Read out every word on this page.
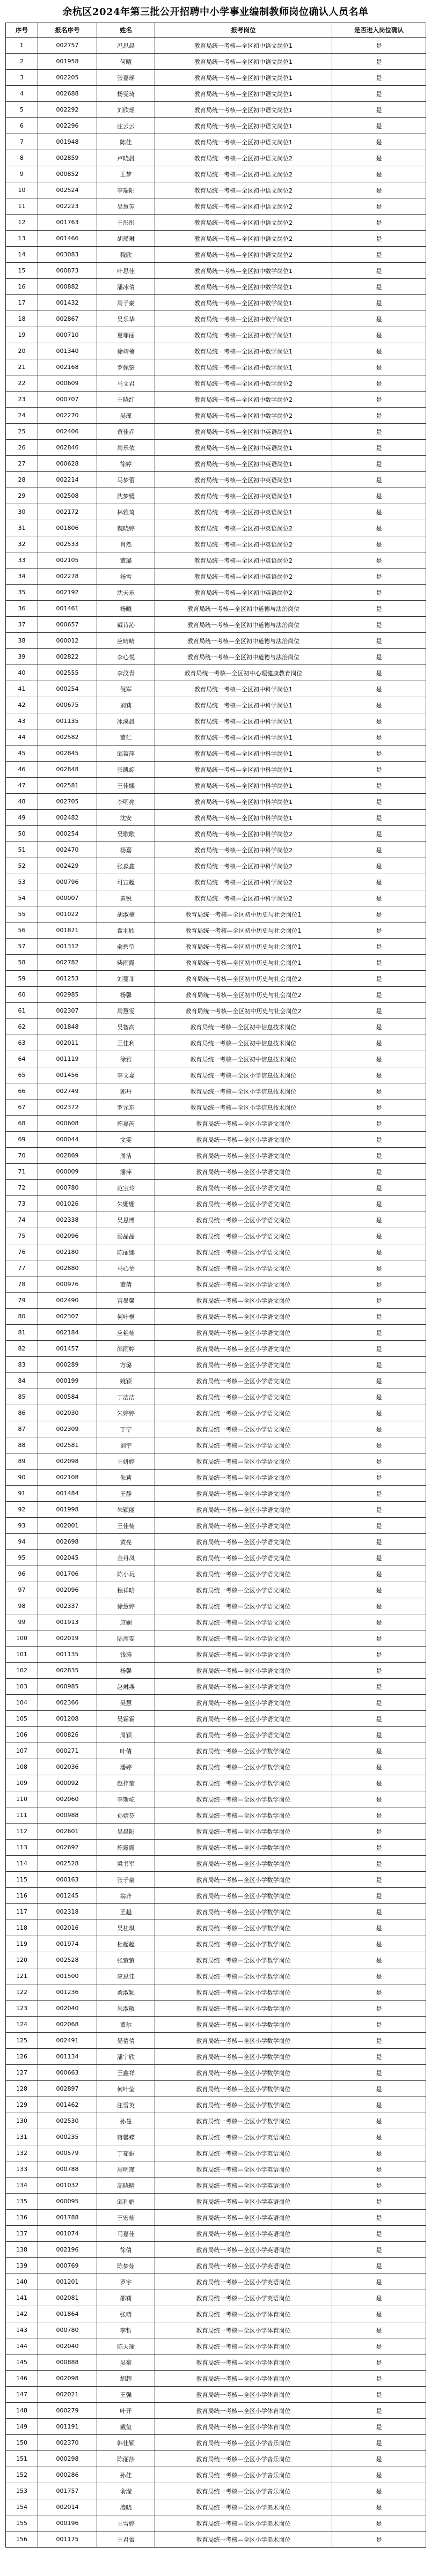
余杭区2024年第三批公开招聘中小学事业编制教师岗位确认人员名单
序号	报名序号	姓名	报考岗位	是否进入岗位确认
1	002757	冯思晨	教育局统一考核—全区初中语文岗位1	是
2	001958	何晴	教育局统一考核—全区初中语文岗位1	是
3	002205	张嘉瑶	教育局统一考核—全区初中语文岗位1	是
4	002688	杨雯琦	教育局统一考核—全区初中语文岗位1	是
5	002292	刘欣瑶	教育局统一考核—全区初中语文岗位1	是
6	002296	庄云云	教育局统一考核—全区初中语文岗位1	是
7	001948	陈佳	教育局统一考核—全区初中语文岗位1	是
8	002859	卢晓晨	教育局统一考核—全区初中语文岗位2	是
9	000852	王梦	教育局统一考核—全区初中语文岗位2	是
10	002524	李瑞阳	教育局统一考核—全区初中语文岗位2	是
11	002223	吴慧芳	教育局统一考核—全区初中语文岗位2	是
12	001763	王彤彤	教育局统一考核—全区初中语文岗位2	是
13	001466	胡瑾琳	教育局统一考核—全区初中语文岗位2	是
14	003083	魏欣	教育局统一考核—全区初中语文岗位2	是
15	000873	叶思佳	教育局统一考核—全区初中数学岗位1	是
16	000882	潘冰倩	教育局统一考核—全区初中数学岗位1	是
17	001432	周子豪	教育局统一考核—全区初中数学岗位1	是
18	002867	吴乐华	教育局统一考核—全区初中数学岗位1	是
19	000710	夏菲丽	教育局统一考核—全区初中数学岗位1	是
20	001340	徐靖楠	教育局统一考核—全区初中数学岗位1	是
21	002168	罗佩蓥	教育局统一考核—全区初中数学岗位1	是
22	000609	马文君	教育局统一考核—全区初中数学岗位2	是
23	000707	王晓红	教育局统一考核—全区初中数学岗位2	是
24	002270	吴瑾	教育局统一考核—全区初中数学岗位2	是
25	002406	黄佳乔	教育局统一考核—全区初中英语岗位1	是
26	002846	周乐依	教育局统一考核—全区初中英语岗位1	是
27	000628	徐婷	教育局统一考核—全区初中英语岗位1	是
28	002214	马梦蕾	教育局统一考核—全区初中英语岗位1	是
29	002508	沈梦媛	教育局统一考核—全区初中英语岗位1	是
30	002172	林雅琦	教育局统一考核—全区初中英语岗位1	是
31	001806	魏晓婷	教育局统一考核—全区初中英语岗位2	是
32	002533	肖然	教育局统一考核—全区初中英语岗位2	是
33	002105	董璐	教育局统一考核—全区初中英语岗位2	是
34	002278	杨雪	教育局统一考核—全区初中英语岗位2	是
35	002192	沈天乐	教育局统一考核—全区初中英语岗位2	是
36	001461	杨曦	教育局统一考核—全区初中道德与法治岗位	是
37	000657	戴诗沁	教育局统一考核—全区初中道德与法治岗位	是
38	000012	应晴晴	教育局统一考核—全区初中道德与法治岗位	是
39	002822	李心悦	教育局统一考核—全区初中道德与法治岗位	是
40	002555	李汶青	教育局统一考核—全区初中心理健康教育岗位	是
41	000254	倪军	教育局统一考核—全区初中科学岗位1	是
42	000675	刘莉	教育局统一考核—全区初中科学岗位1	是
43	001135	冰溪晨	教育局统一考核—全区初中科学岗位1	是
44	002582	董仁	教育局统一考核—全区初中科学岗位1	是
45	002845	邱蔷萍	教育局统一考核—全区初中科学岗位1	是
46	002848	张凯旋	教育局统一考核—全区初中科学岗位1	是
47	002581	王佳娜	教育局统一考核—全区初中科学岗位1	是
48	002705	李明亮	教育局统一考核—全区初中科学岗位1	是
49	002482	沈安	教育局统一考核—全区初中科学岗位1	是
50	000254	吴歌歌	教育局统一考核—全区初中科学岗位2	是
51	002470	杨嘉	教育局统一考核—全区初中科学岗位2	是
52	002429	张淼鑫	教育局统一考核—全区初中科学岗位2	是
53	000796	可宣超	教育局统一考核—全区初中科学岗位2	是
54	000007	黄锐	教育局统一考核—全区初中科学岗位2	是
55	001022	胡淑楠	教育局统一考核—全区初中历史与社会岗位1	是
56	001871	翟羽欣	教育局统一考核—全区初中历史与社会岗位1	是
57	001312	俞碧莹	教育局统一考核—全区初中历史与社会岗位1	是
58	002782	柴雨露	教育局统一考核—全区初中历史与社会岗位1	是
59	001253	刘蔓菲	教育局统一考核—全区初中历史与社会岗位2	是
60	002985	杨馨	教育局统一考核—全区初中历史与社会岗位2	是
61	002307	周慧雯	教育局统一考核—全区初中历史与社会岗位2	是
62	001848	吴智高	教育局统一考核—全区初中信息技术岗位	是
63	002011	王佳利	教育局统一考核—全区初中信息技术岗位	是
64	001119	徐雅	教育局统一考核—全区初中信息技术岗位	是
65	001456	李文嘉	教育局统一考核—全区小学信息技术岗位	是
66	002749	郭丹	教育局统一考核—全区小学信息技术岗位	是
67	002372	罗元东	教育局统一考核—全区小学信息技术岗位	是
68	000608	施嘉芮	教育局统一考核—全区小学语文岗位	是
69	000044	文雯	教育局统一考核—全区小学语文岗位	是
70	002869	周洁	教育局统一考核—全区小学语文岗位	是
71	000009	潘萍	教育局统一考核—全区小学语文岗位	是
72	000780	范宝玲	教育局统一考核—全区小学语文岗位	是
73	001026	朱姗姗	教育局统一考核—全区小学语文岗位	是
74	002338	吴思博	教育局统一考核—全区小学语文岗位	是
75	002096	汤晶晶	教育局统一考核—全区小学语文岗位	是
76	002180	陈丽娜	教育局统一考核—全区小学语文岗位	是
77	002880	马心怡	教育局统一考核—全区小学语文岗位	是
78	000976	董倩	教育局统一考核—全区小学语文岗位	是
79	002490	宫墨馨	教育局统一考核—全区小学语文岗位	是
80	002307	何叶桐	教育局统一考核—全区小学语文岗位	是
81	002184	应艳楠	教育局统一考核—全区小学语文岗位	是
82	001457	邵雨婷	教育局统一考核—全区小学语文岗位	是
83	000289	方璐	教育局统一考核—全区小学语文岗位	是
84	000199	姚颖	教育局统一考核—全区小学语文岗位	是
85	000584	丁洁洁	教育局统一考核—全区小学语文岗位	是
86	002030	朱婷婷	教育局统一考核—全区小学语文岗位	是
87	002309	丁宁	教育局统一考核—全区小学语文岗位	是
88	002581	刘宇	教育局统一考核—全区小学语文岗位	是
89	002098	王妍婷	教育局统一考核—全区小学语文岗位	是
90	002108	朱莉	教育局统一考核—全区小学语文岗位	是
91	001484	王静	教育局统一考核—全区小学语文岗位	是
92	001998	朱颖丽	教育局统一考核—全区小学语文岗位	是
93	002001	王佳楠	教育局统一考核—全区小学语文岗位	是
94	002698	黄亮	教育局统一考核—全区小学语文岗位	是
95	002045	金丹凤	教育局统一考核—全区小学语文岗位	是
96	001706	陈小玩	教育局统一考核—全区小学语文岗位	是
97	002096	程祥晗	教育局统一考核—全区小学语文岗位	是
98	002337	徐慧婷	教育局统一考核—全区小学语文岗位	是
99	001913	应娴	教育局统一考核—全区小学语文岗位	是
100	002019	陆彦雯	教育局统一考核—全区小学语文岗位	是
101	001135	钱涛	教育局统一考核—全区小学语文岗位	是
102	002835	杨馨	教育局统一考核—全区小学语文岗位	是
103	000985	赵琳燕	教育局统一考核—全区小学语文岗位	是
104	002366	吴慧	教育局统一考核—全区小学语文岗位	是
105	001208	吴霜霜	教育局统一考核—全区小学语文岗位	是
106	000826	周颖	教育局统一考核—全区小学语文岗位	是
107	000271	叶倩	教育局统一考核—全区小学数学岗位	是
108	002036	潘婷	教育局统一考核—全区小学数学岗位	是
109	000092	赵梓莹	教育局统一考核—全区小学数学岗位	是
110	002060	李斯屹	教育局统一考核—全区小学数学岗位	是
111	000988	孙婧芬	教育局统一考核—全区小学数学岗位	是
112	002601	吴晨阳	教育局统一考核—全区小学数学岗位	是
113	002692	施露露	教育局统一考核—全区小学数学岗位	是
114	002528	梁书军	教育局统一考核—全区小学数学岗位	是
115	000163	张子豪	教育局统一考核—全区小学数学岗位	是
116	001245	翁齐	教育局统一考核—全区小学数学岗位	是
117	002318	王越	教育局统一考核—全区小学数学岗位	是
118	002016	吴桂琪	教育局统一考核—全区小学数学岗位	是
119	001974	杜超超	教育局统一考核—全区小学数学岗位	是
120	002528	张萤萤	教育局统一考核—全区小学数学岗位	是
121	001500	应思佳	教育局统一考核—全区小学数学岗位	是
122	001236	桑淑颖	教育局统一考核—全区小学数学岗位	是
123	002040	朱淑敏	教育局统一考核—全区小学数学岗位	是
124	002068	董尔	教育局统一考核—全区小学数学岗位	是
125	002491	吴倩倩	教育局统一考核—全区小学数学岗位	是
126	001134	潘宇欣	教育局统一考核—全区小学数学岗位	是
127	000663	王鑫祥	教育局统一考核—全区小学数学岗位	是
128	002897	何叶莹	教育局统一考核—全区小学数学岗位	是
129	001462	汪雪英	教育局统一考核—全区小学数学岗位	是
130	002530	孙曼	教育局统一考核—全区小学数学岗位	是
131	000235	蒋馨蝶	教育局统一考核—全区小学英语岗位	是
132	000579	丁茹娟	教育局统一考核—全区小学英语岗位	是
133	000788	周明瑾	教育局统一考核—全区小学英语岗位	是
134	001032	高晓晴	教育局统一考核—全区小学英语岗位	是
135	000095	邱利娟	教育局统一考核—全区小学英语岗位	是
136	001788	王宏楠	教育局统一考核—全区小学英语岗位	是
137	001074	马嘉佳	教育局统一考核—全区小学英语岗位	是
138	002196	徐倩	教育局统一考核—全区小学英语岗位	是
139	000769	陈梦茹	教育局统一考核—全区小学英语岗位	是
140	001201	罗宇	教育局统一考核—全区小学英语岗位	是
141	002081	邵莉	教育局统一考核—全区小学英语岗位	是
142	001864	张萌	教育局统一考核—全区小学体育岗位	是
143	000780	李哲	教育局统一考核—全区小学体育岗位	是
144	002040	陈天瑜	教育局统一考核—全区小学体育岗位	是
145	000888	吴豪	教育局统一考核—全区小学体育岗位	是
146	002098	胡超	教育局统一考核—全区小学体育岗位	是
147	002021	王强	教育局统一考核—全区小学体育岗位	是
148	000279	叶开	教育局统一考核—全区小学体育岗位	是
149	001191	戴玺	教育局统一考核—全区小学体育岗位	是
150	002370	韩佳颖	教育局统一考核—全区小学音乐岗位	是
151	000298	陈丽莎	教育局统一考核—全区小学音乐岗位	是
152	000286	孙佳	教育局统一考核—全区小学音乐岗位	是
153	001757	俞滢	教育局统一考核—全区小学音乐岗位	是
154	002014	凌晓	教育局统一考核—全区小学美术岗位	是
155	000196	王雪婷	教育局统一考核—全区小学美术岗位	是
156	001175	王君蕾	教育局统一考核—全区小学美术岗位	是
